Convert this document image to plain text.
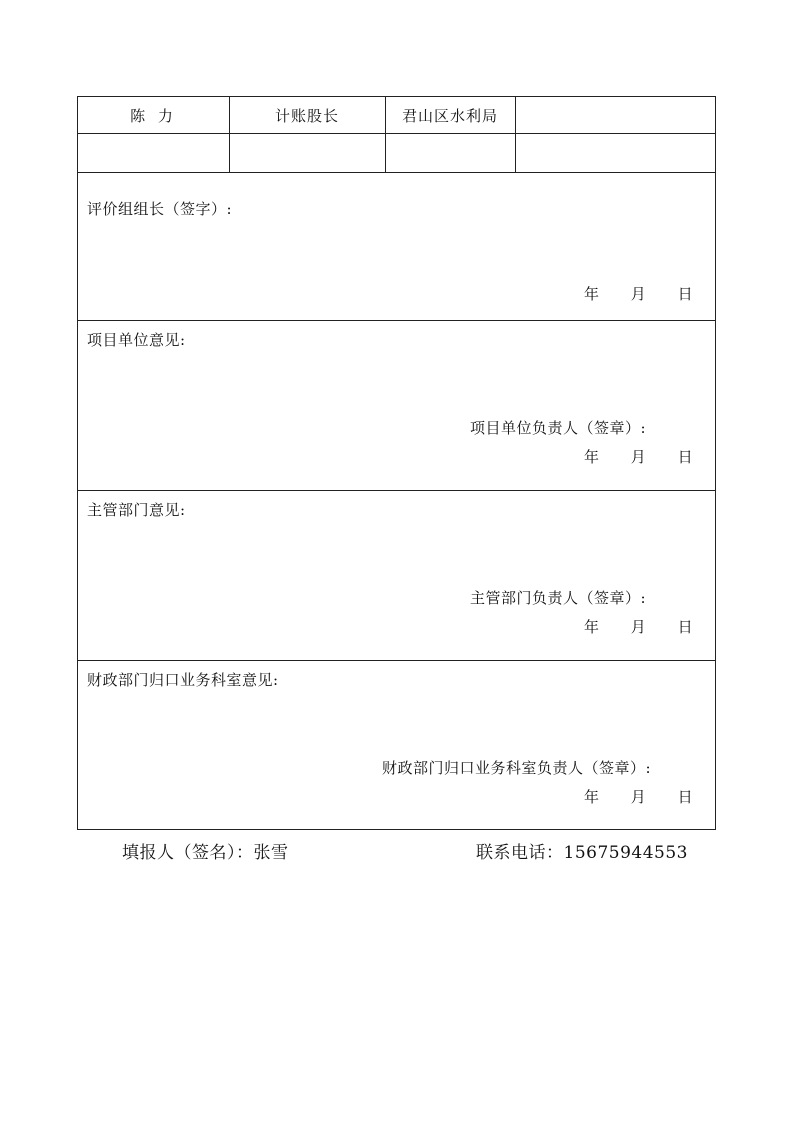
陈 力	计账股长	君山区水利局
评价组组长（签字）:
年 月 日
项目单位意见:
项目单位负责人（签章）:
年 月 日
主管部门意见:
主管部门负责人（签章）:
年 月 日
财政部门归口业务科室意见:
财政部门归口业务科室负责人（签章）:
年 月 日
填报人（签名）：张雪	联系电话：15675944553
